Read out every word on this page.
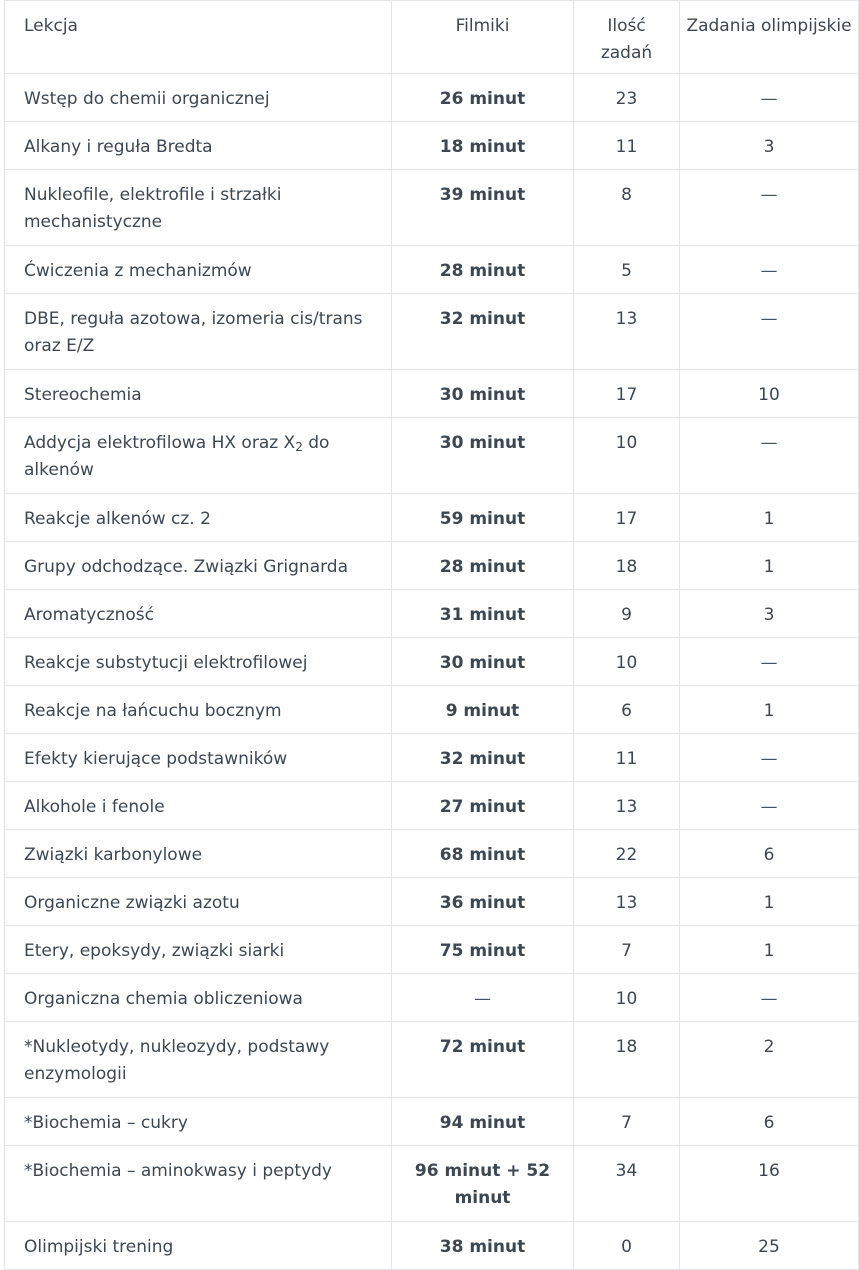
Lekcja	Filmiki	Ilość zadań	Zadania olimpijskie
Wstęp do chemii organicznej	26 minut	23	—
Alkany i reguła Bredta	18 minut	11	3
Nukleofile, elektrofile i strzałki mechanistyczne	39 minut	8	—
Ćwiczenia z mechanizmów	28 minut	5	—
DBE, reguła azotowa, izomeria cis/trans oraz E/Z	32 minut	13	—
Stereochemia	30 minut	17	10
Addycja elektrofilowa HX oraz $X_2$ do alkenów	30 minut	10	—
Reakcje alkenów cz. 2	59 minut	17	1
Grupy odchodzące. Związki Grignarda	28 minut	18	1
Aromatyczność	31 minut	9	3
Reakcje substytucji elektrofilowej	30 minut	10	—
Reakcje na łańcuchu bocznym	9 minut	6	1
Efekty kierujące podstawników	32 minut	11	—
Alkohole i fenole	27 minut	13	—
Związki karbonylowe	68 minut	22	6
Organiczne związki azotu	36 minut	13	1
Etery, epoksydy, związki siarki	75 minut	7	1
Organiczna chemia obliczeniowa	—	10	—
*Nukleotydy, nukleozydy, podstawy enzymologii	72 minut	18	2
*Biochemia – cukry	94 minut	7	6
*Biochemia – aminokwasy i peptydy	96 minut + 52 minut	34	16
Olimpijski trening	38 minut	0	25
